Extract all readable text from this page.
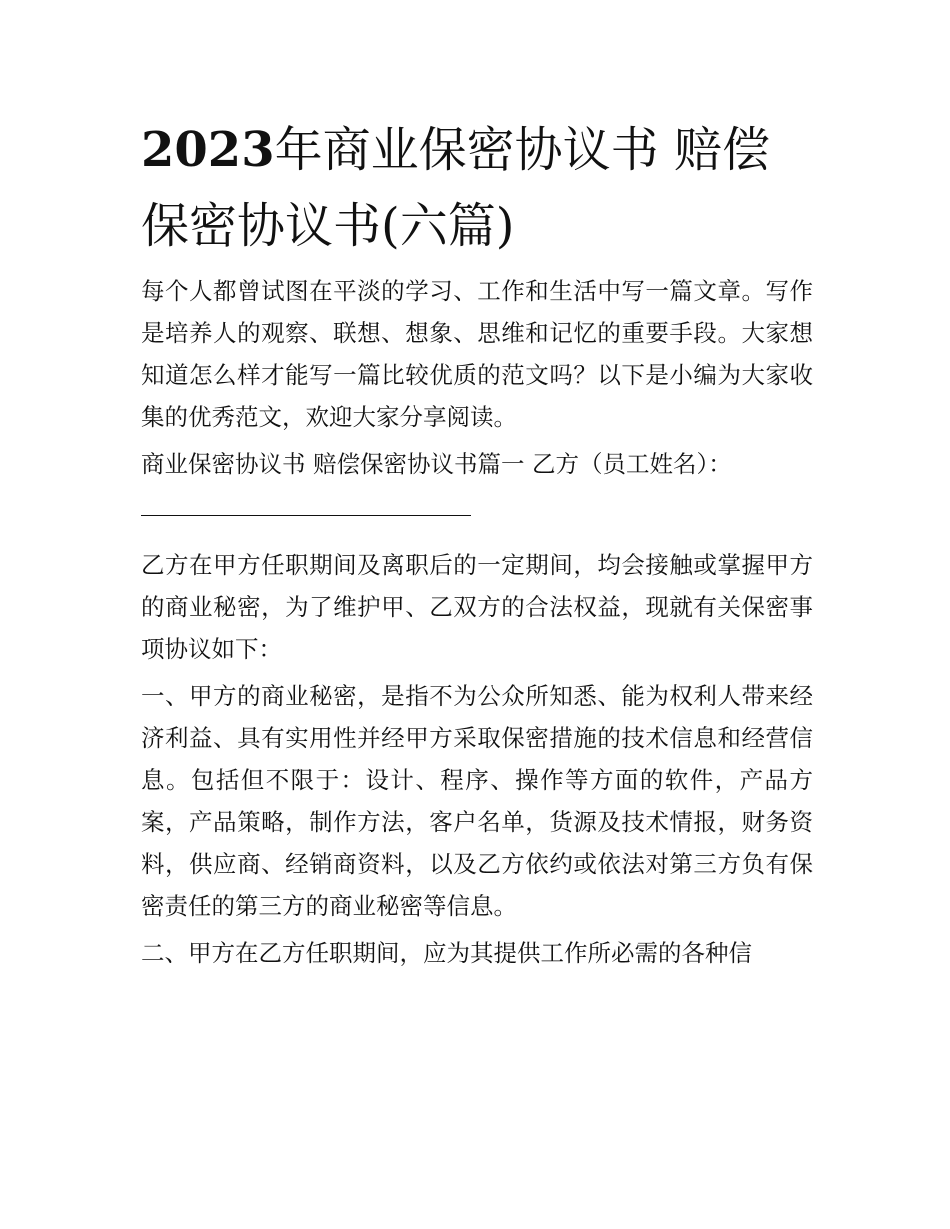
2023年商业保密协议书 赔偿保密协议书(六篇)

每个人都曾试图在平淡的学习、工作和生活中写一篇文章。写作是培养人的观察、联想、想象、思维和记忆的重要手段。大家想知道怎么样才能写一篇比较优质的范文吗？以下是小编为大家收集的优秀范文，欢迎大家分享阅读。

商业保密协议书 赔偿保密协议书篇一 乙方（员工姓名）：

乙方在甲方任职期间及离职后的一定期间，均会接触或掌握甲方的商业秘密，为了维护甲、乙双方的合法权益，现就有关保密事项协议如下：

一、甲方的商业秘密，是指不为公众所知悉、能为权利人带来经济利益、具有实用性并经甲方采取保密措施的技术信息和经营信息。包括但不限于：设计、程序、操作等方面的软件，产品方案，产品策略，制作方法，客户名单，货源及技术情报，财务资料，供应商、经销商资料，以及乙方依约或依法对第三方负有保密责任的第三方的商业秘密等信息。

二、甲方在乙方任职期间，应为其提供工作所必需的各种信
